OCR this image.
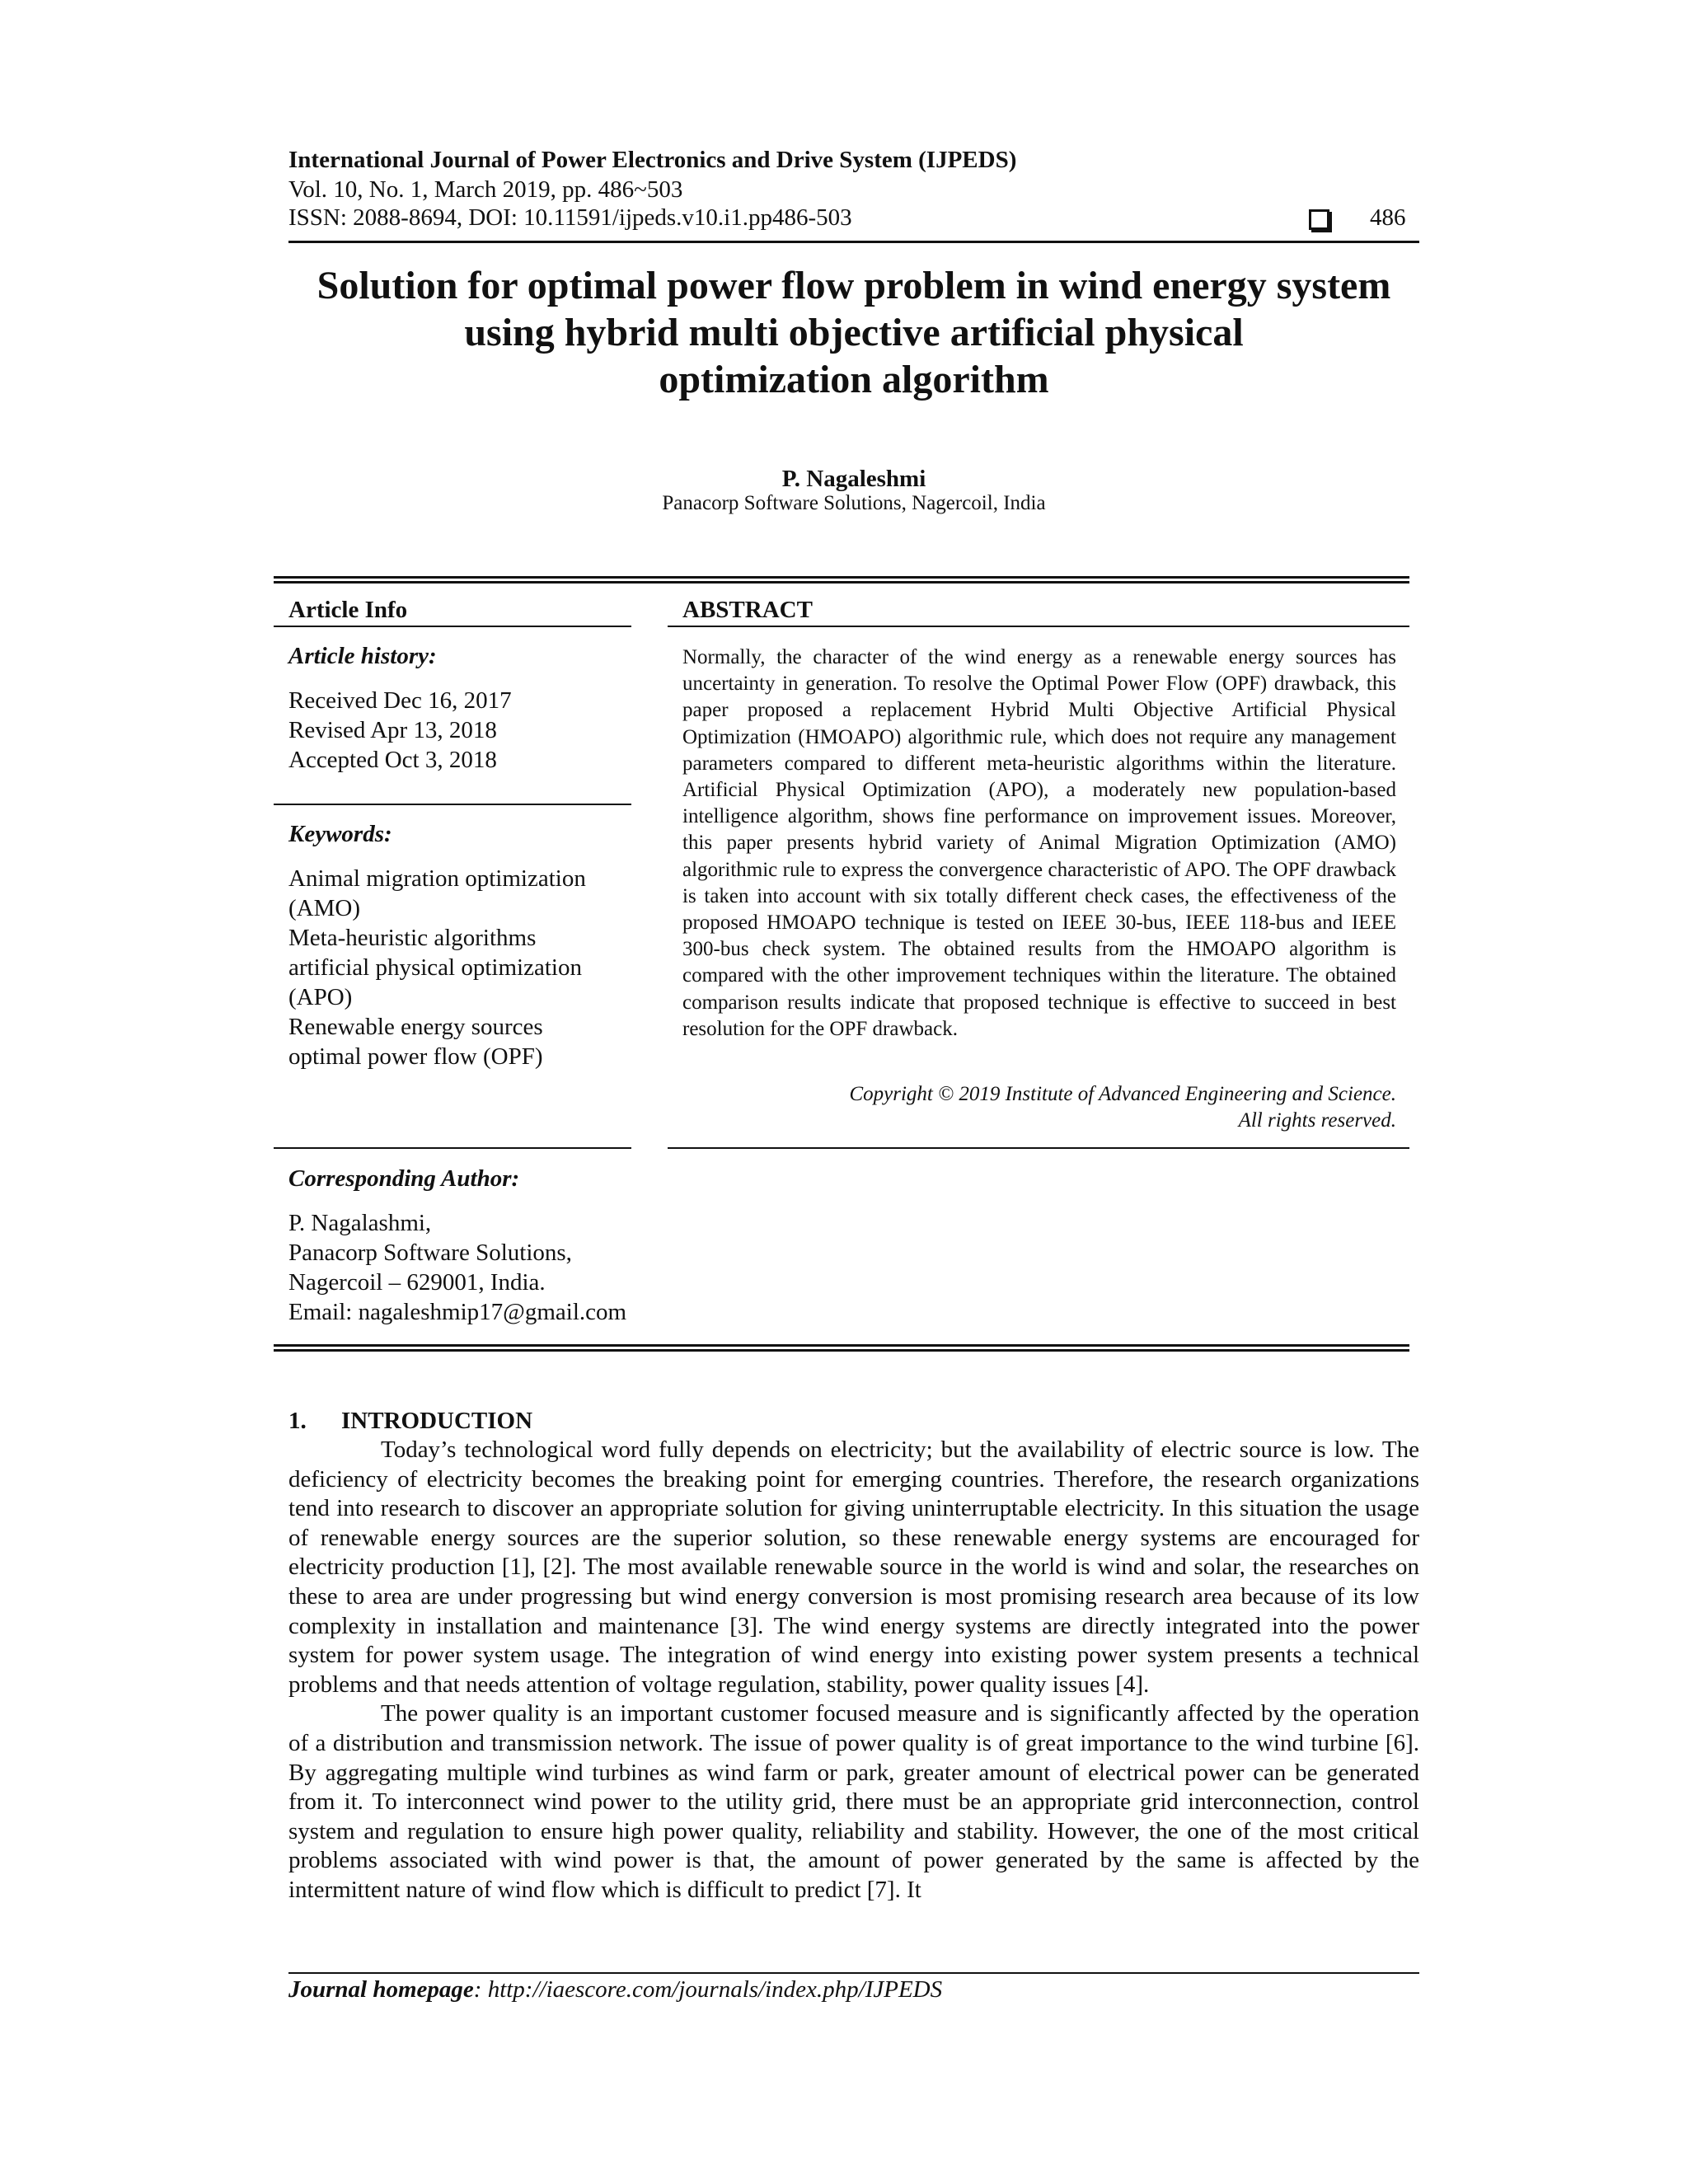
International Journal of Power Electronics and Drive System (IJPEDS)
Vol. 10, No. 1, March 2019, pp. 486~503
ISSN: 2088-8694, DOI: 10.11591/ijpeds.v10.i1.pp486-503	486
Solution for optimal power flow problem in wind energy system
using hybrid multi objective artificial physical
optimization algorithm
P. Nagaleshmi
Panacorp Software Solutions, Nagercoil, India
Article Info
Article history:
Received Dec 16, 2017
Revised Apr 13, 2018
Accepted Oct 3, 2018
Keywords:
Animal migration optimization
(AMO)
Meta-heuristic algorithms
artificial physical optimization
(APO)
Renewable energy sources
optimal power flow (OPF)
Corresponding Author:
P. Nagalashmi,
Panacorp Software Solutions,
Nagercoil – 629001, India.
Email: nagaleshmip17@gmail.com
ABSTRACT
Normally, the character of the wind energy as a renewable energy sources has uncertainty in generation. To resolve the Optimal Power Flow (OPF) drawback, this paper proposed a replacement Hybrid Multi Objective Artificial Physical Optimization (HMOAPO) algorithmic rule, which does not require any management parameters compared to different meta-heuristic algorithms within the literature. Artificial Physical Optimization (APO), a moderately new population-based intelligence algorithm, shows fine performance on improvement issues. Moreover, this paper presents hybrid variety of Animal Migration Optimization (AMO) algorithmic rule to express the convergence characteristic of APO. The OPF drawback is taken into account with six totally different check cases, the effectiveness of the proposed HMOAPO technique is tested on IEEE 30-bus, IEEE 118-bus and IEEE 300-bus check system. The obtained results from the HMOAPO algorithm is compared with the other improvement techniques within the literature. The obtained comparison results indicate that proposed technique is effective to succeed in best resolution for the OPF drawback.
Copyright © 2019 Institute of Advanced Engineering and Science.
All rights reserved.
1. INTRODUCTION

Today’s technological word fully depends on electricity; but the availability of electric source is low. The deficiency of electricity becomes the breaking point for emerging countries. Therefore, the research organizations tend into research to discover an appropriate solution for giving uninterruptable electricity. In this situation the usage of renewable energy sources are the superior solution, so these renewable energy systems are encouraged for electricity production [1], [2]. The most available renewable source in the world is wind and solar, the researches on these to area are under progressing but wind energy conversion is most promising research area because of its low complexity in installation and maintenance [3]. The wind energy systems are directly integrated into the power system for power system usage. The integration of wind energy into existing power system presents a technical problems and that needs attention of voltage regulation, stability, power quality issues [4].

The power quality is an important customer focused measure and is significantly affected by the operation of a distribution and transmission network. The issue of power quality is of great importance to the wind turbine [6]. By aggregating multiple wind turbines as wind farm or park, greater amount of electrical power can be generated from it. To interconnect wind power to the utility grid, there must be an appropriate grid interconnection, control system and regulation to ensure high power quality, reliability and stability. However, the one of the most critical problems associated with wind power is that, the amount of power generated by the same is affected by the intermittent nature of wind flow which is difficult to predict [7]. It

Journal homepage: http://iaescore.com/journals/index.php/IJPEDS
